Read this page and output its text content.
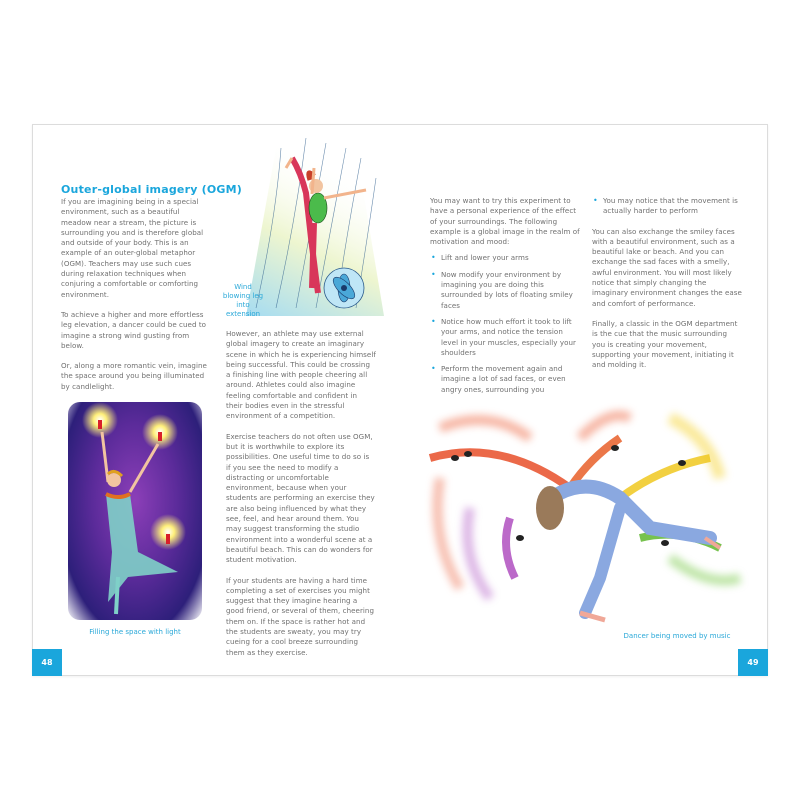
Outer-global imagery (OGM)

If you are imagining being in a special environment, such as a beautiful meadow near a stream, the picture is surrounding you and is therefore global and outside of your body. This is an example of an outer-global metaphor (OGM). Teachers may use such cues during relaxation techniques when conjuring a comfortable or comforting environment.

To achieve a higher and more effortless leg elevation, a dancer could be cued to imagine a strong wind gusting from below.

Or, along a more romantic vein, imagine the space around you being illuminated by candlelight.

Wind blowing leg into extension
Filling the space with light

However, an athlete may use external global imagery to create an imaginary scene in which he is experiencing himself being successful. This could be crossing a finishing line with people cheering all around. Athletes could also imagine feeling comfortable and confident in their bodies even in the stressful environment of a competition.

Exercise teachers do not often use OGM, but it is worthwhile to explore its possibilities. One useful time to do so is if you see the need to modify a distracting or uncomfortable environment, because when your students are performing an exercise they are also being influenced by what they see, feel, and hear around them. You may suggest transforming the studio environment into a wonderful scene at a beautiful beach. This can do wonders for student motivation.

If your students are having a hard time completing a set of exercises you might suggest that they imagine hearing a good friend, or several of them, cheering them on. If the space is rather hot and the students are sweaty, you may try cueing for a cool breeze surrounding them as they exercise.

48

You may want to try this experiment to have a personal experience of the effect of your surroundings. The following example is a global image in the realm of motivation and mood:

• Lift and lower your arms
• Now modify your environment by imagining you are doing this surrounded by lots of floating smiley faces
• Notice how much effort it took to lift your arms, and notice the tension level in your muscles, especially your shoulders
• Perform the movement again and imagine a lot of sad faces, or even angry ones, surrounding you
• You may notice that the movement is actually harder to perform

You can also exchange the smiley faces with a beautiful environment, such as a beautiful lake or beach. And you can exchange the sad faces with a smelly, awful environment. You will most likely notice that simply changing the imaginary environment changes the ease and comfort of performance.

Finally, a classic in the OGM department is the cue that the music surrounding you is creating your movement, supporting your movement, initiating it and molding it.

Dancer being moved by music
49
